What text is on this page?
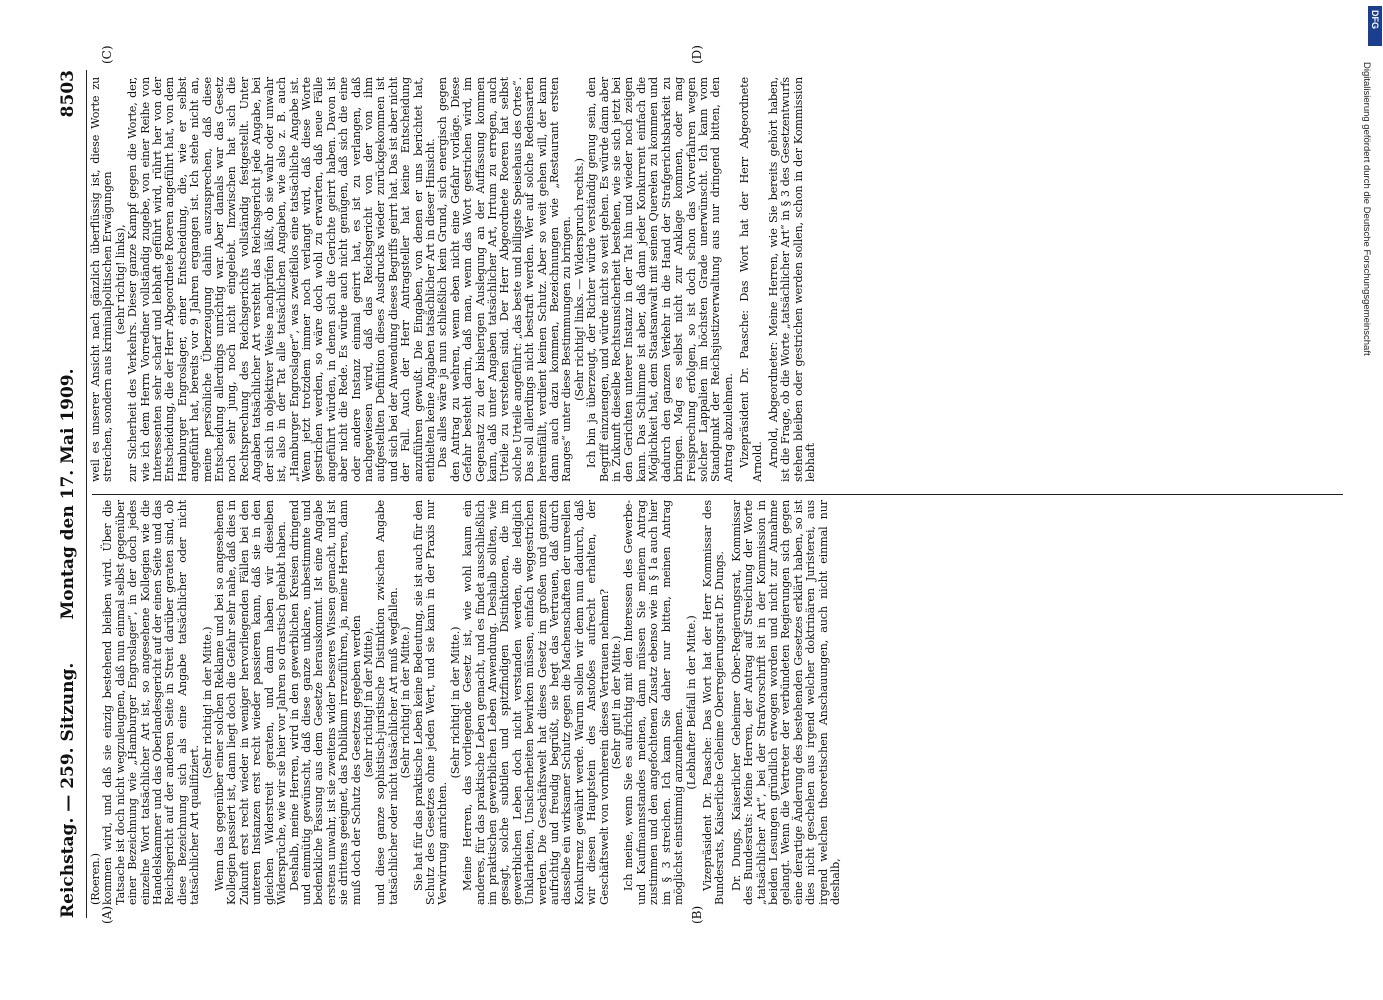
Reichstag. — 259. Sitzung.
Montag den 17. Mai 1909.
8503
(A)	(B)
(C)	(D)

(Roeren.) kommen wird, und daß sie einzig bestehend bleiben wird. Über die Tatsache ist doch nicht wegzuleugnen, daß nun einmal selbst gegenüber einer Bezeichnung wie „Hamburger Engroslager“, in der doch jedes einzelne Wort tatsächlicher Art ist, so angesehene Kollegien wie die Handelskammer und das Oberlandesgericht auf der einen Seite und das Reichsgericht auf der anderen Seite in Streit darüber geraten sind, ob diese Bezeichnung sich als eine Angabe tatsächlicher oder nicht tatsächlicher Art qualifiziert.

(Sehr richtig! in der Mitte.) Wenn das gegenüber einer solchen Reklame und bei so angesehenen Kollegien passiert ist, dann liegt doch die Gefahr sehr nahe, daß dies in Zukunft erst recht wieder in weniger hervorliegenden Fällen bei den unteren Instanzen erst recht wieder passieren kann, daß sie in den gleichen Widerstreit geraten, und dann haben wir dieselben Widersprüche, wie wir sie hier vor Jahren so drastisch gehabt haben. Deshalb, meine Herren, wird in den gewerblichen Kreisen dringend und einmütig gewünscht, daß diese ganze unklare, unbestimmte und bedenkliche Fassung aus dem Gesetze herauskommt. Ist eine Angabe erstens unwahr, ist sie zweitens wider besseres Wissen gemacht, und ist sie drittens geeignet, das Publikum irrezuführen, ja, meine Herren, dann muß doch der Schutz des Gesetzes gegeben werden (sehr richtig! in der Mitte), und diese ganze sophistisch-juristische Distinktion zwischen Angabe tatsächlicher oder nicht tatsächlicher Art muß wegfallen. (Sehr richtig! in der Mitte.) Sie hat für das praktische Leben keine Bedeutung, sie ist auch für den Schutz des Gesetzes ohne jeden Wert, und sie kann in der Praxis nur Verwirrung anrichten.

(Sehr richtig! in der Mitte.) Meine Herren, das vorliegende Gesetz ist, wie wohl kaum ein anderes, für das praktische Leben gemacht, und es findet ausschließlich im praktischen gewerblichen Leben Anwendung. Deshalb sollten, wie gesagt, solche subtilen und spitzfindigen Distinktionen, die im gewerblichen Leben doch nicht verstanden werden, die lediglich Unklarheiten, Unsicherheiten bewirken müssen, einfach weggestrichen werden. Die Geschäftswelt hat dieses Gesetz im großen und ganzen aufrichtig und freudig begrüßt, sie hegt das Vertrauen, daß durch dasselbe ein wirksamer Schutz gegen die Machenschaften der unreellen Konkurrenz gewährt werde. Warum sollen wir denn nun dadurch, daß wir diesen Hauptstein des Anstoßes aufrecht erhalten, der Geschäftswelt von vornherein dieses Vertrauen nehmen? (Sehr gut! in der Mitte.) Ich meine, wenn Sie es aufrichtig mit den Interessen des Gewerbe- und Kaufmannsstandes meinen, dann müssen Sie meinem Antrag zustimmen und den angefochtenen Zusatz ebenso wie in § 1a auch hier im § 3 streichen. Ich kann Sie daher nur bitten, meinen Antrag möglichst einstimmig anzunehmen.

(Lebhafter Beifall in der Mitte.) Vizepräsident Dr. Paasche: Das Wort hat der Herr Kommissar des Bundesrats, Kaiserliche Geheime Oberregierungsrat Dr. Dungs. Dr. Dungs, Kaiserlicher Geheimer Ober-Regierungsrat, Kommissar des Bundesrats: Meine Herren, der Antrag auf Streichung der Worte „tatsächlicher Art“, bei der Strafvorschrift ist in der Kommission in beiden Lesungen gründlich erwogen worden und nicht zur Annahme gelangt. Wenn die Vertreter der verbündeten Regierungen sich gegen eine derartige Änderung des bestehenden Gesetzes erklärt haben, so ist dies nicht geschehen aus irgend welcher doktrinären Juristerei, aus irgend welchen theoretischen Anschauungen, auch nicht einmal nur deshalb,

weil es unserer Ansicht nach gänzlich überflüssig ist, diese Worte zu streichen, sondern aus kriminalpolitischen Erwägungen (sehr richtig! links), zur Sicherheit des Verkehrs. Dieser ganze Kampf gegen die Worte, der, wie ich dem Herrn Vorredner vollständig zugebe, von einer Reihe von Interessenten sehr scharf und lebhaft geführt wird, rührt her von der Entscheidung, die der Herr Abgeordnete Roeren angeführt hat, von dem Hamburger Engroslager, einer Entscheidung, die, wie er selbst angeführt hat, bereits vor 9 Jahren ergangen ist. Ich stehe nicht an, meine persönliche Überzeugung dahin auszusprechen, daß diese Entscheidung allerdings unrichtig war. Aber damals war das Gesetz noch sehr jung, noch nicht eingelebt. Inzwischen hat sich die Rechtsprechung des Reichsgerichts vollständig festgestellt. Unter Angaben tatsächlicher Art versteht das Reichsgericht jede Angabe, bei der sich in objektiver Weise nachprüfen läßt, ob sie wahr oder unwahr ist, also in der Tat alle tatsächlichen Angaben, wie also z. B. auch „Hamburger Engroslager“, was zweifellos eine tatsächliche Angabe ist. Wenn jetzt trotzdem immer noch verlangt wird, daß diese Worte gestrichen werden, so wäre doch wohl zu erwarten, daß neue Fälle angeführt würden, in denen sich die Gerichte geirrt haben. Davon ist aber nicht die Rede. Es würde auch nicht genügen, daß sich die eine oder andere Instanz einmal geirrt hat, es ist zu verlangen, daß nachgewiesen wird, daß das Reichsgericht von der von ihm aufgestellten Definition dieses Ausdrucks wieder zurückgekommen ist und sich bei der Anwendung dieses Begriffs geirrt hat. Das ist aber nicht der Fall. Auch der Herr Antragsteller hat keine Entscheidung anzuführen gewußt. Die Eingaben, von denen er uns berichtet hat, enthielten keine Angaben tatsächlicher Art in dieser Hinsicht. Das alles wäre ja nun schließlich kein Grund, sich energisch gegen den Antrag zu wehren, wenn eben nicht eine Gefahr vorläge. Diese Gefahr besteht darin, daß man, wenn das Wort gestrichen wird, im Gegensatz zu der bisherigen Auslegung an der Auffassung kommen kann, daß unter Angaben tatsächlicher Art, Irrtum zu erregen, auch Urteile zu verstehen sind. Der Herr Abgeordnete Roeren hat selbst solche Urteile angeführt: „das beste und billigste Speisehaus des Ortes“. Das soll allerdings nicht bestraft werden. Wer auf solche Redensarten hereinfällt, verdient keinen Schutz. Aber so weit gehen will, der kann dann auch dazu kommen, Bezeichnungen wie „Restaurant ersten Ranges“ unter diese Bestimmungen zu bringen. (Sehr richtig! links. — Widerspruch rechts.) Ich bin ja überzeugt, der Richter würde verständig genug sein, den Begriff einzuengen, und würde nicht so weit gehen. Es würde dann aber in Zukunft dieselbe Rechtsunsicherheit bestehen, wie sie sich jetzt bei den Gerichten unterer Instanz in der Tat hin und wieder noch zeigen kann. Das Schlimme ist aber, daß dann jeder Konkurrent einfach die Möglichkeit hat, dem Staatsanwalt mit seinen Querelen zu kommen und dadurch den ganzen Verkehr in die Hand der Strafgerichtsbarkeit zu bringen. Mag es selbst nicht zur Anklage kommen, oder mag Freisprechung erfolgen, so ist doch schon das Vorverfahren wegen solcher Lappalien im höchsten Grade unerwünscht. Ich kann vom Standpunkt der Reichsjustizverwaltung aus nur dringend bitten, den Antrag abzulehnen. Vizepräsident Dr. Paasche: Das Wort hat der Herr Abgeordnete Arnold. Arnold, Abgeordneter: Meine Herren, wie Sie bereits gehört haben, ist die Frage, ob die Worte „tatsächlicher Art“ in § 3 des Gesetzentwurfs stehen bleiben oder gestrichen werden sollen, schon in der Kommission lebhaft

DFG
Digitalisierung gefördert durch die Deutsche Forschungsgemeinschaft
